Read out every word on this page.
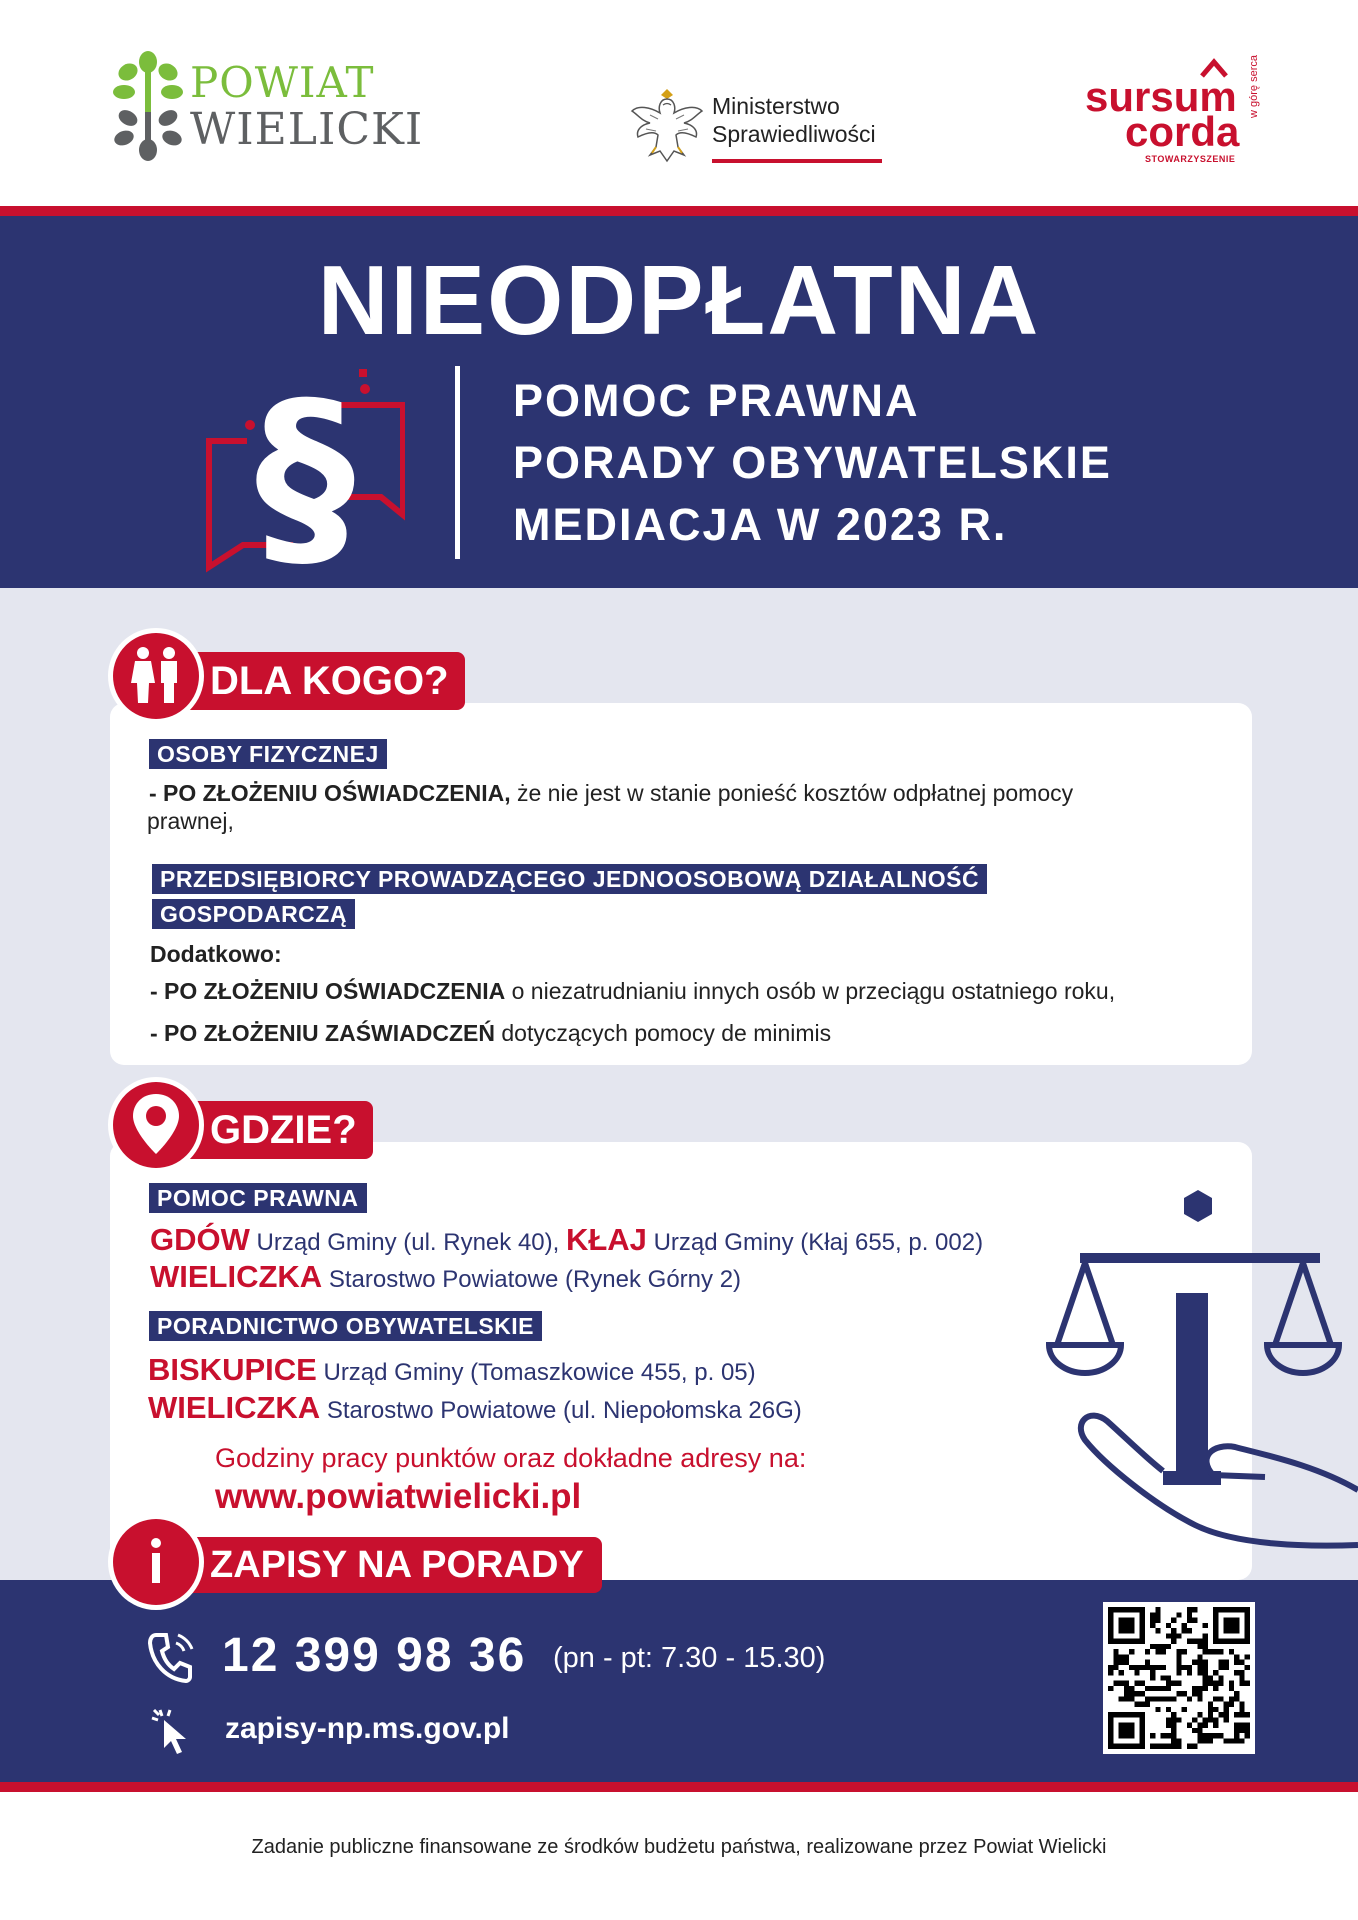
POWIAT
WIELICKI	Ministerstwo
Sprawiedliwości
sursum
corda
STOWARZYSZENIE
w górę serca
NIEODPŁATNA
§	POMOC PRAWNA
PORADY OBYWATELSKIE
MEDIACJA W 2023 R.
DLA KOGO?
OSOBY FIZYCZNEJ
- PO ZŁOŻENIU OŚWIADCZENIA, że nie jest w stanie ponieść kosztów odpłatnej pomocy
prawnej,
PRZEDSIĘBIORCY PROWADZĄCEGO JEDNOOSOBOWĄ DZIAŁALNOŚĆ
GOSPODARCZĄ
Dodatkowo:
- PO ZŁOŻENIU OŚWIADCZENIA o niezatrudnianiu innych osób w przeciągu ostatniego roku,
- PO ZŁOŻENIU ZAŚWIADCZEŃ dotyczących pomocy de minimis
GDZIE?
POMOC PRAWNA
GDÓW Urząd Gminy (ul. Rynek 40), KŁAJ Urząd Gminy (Kłaj 655, p. 002)
WIELICZKA Starostwo Powiatowe (Rynek Górny 2)
PORADNICTWO OBYWATELSKIE
BISKUPICE Urząd Gminy (Tomaszkowice 455, p. 05)
WIELICZKA Starostwo Powiatowe (ul. Niepołomska 26G)
Godziny pracy punktów oraz dokładne adresy na:
www.powiatwielicki.pl
ZAPISY NA PORADY
12 399 98 36 (pn - pt: 7.30 - 15.30)
zapisy-np.ms.gov.pl
Zadanie publiczne finansowane ze środków budżetu państwa, realizowane przez Powiat Wielicki
